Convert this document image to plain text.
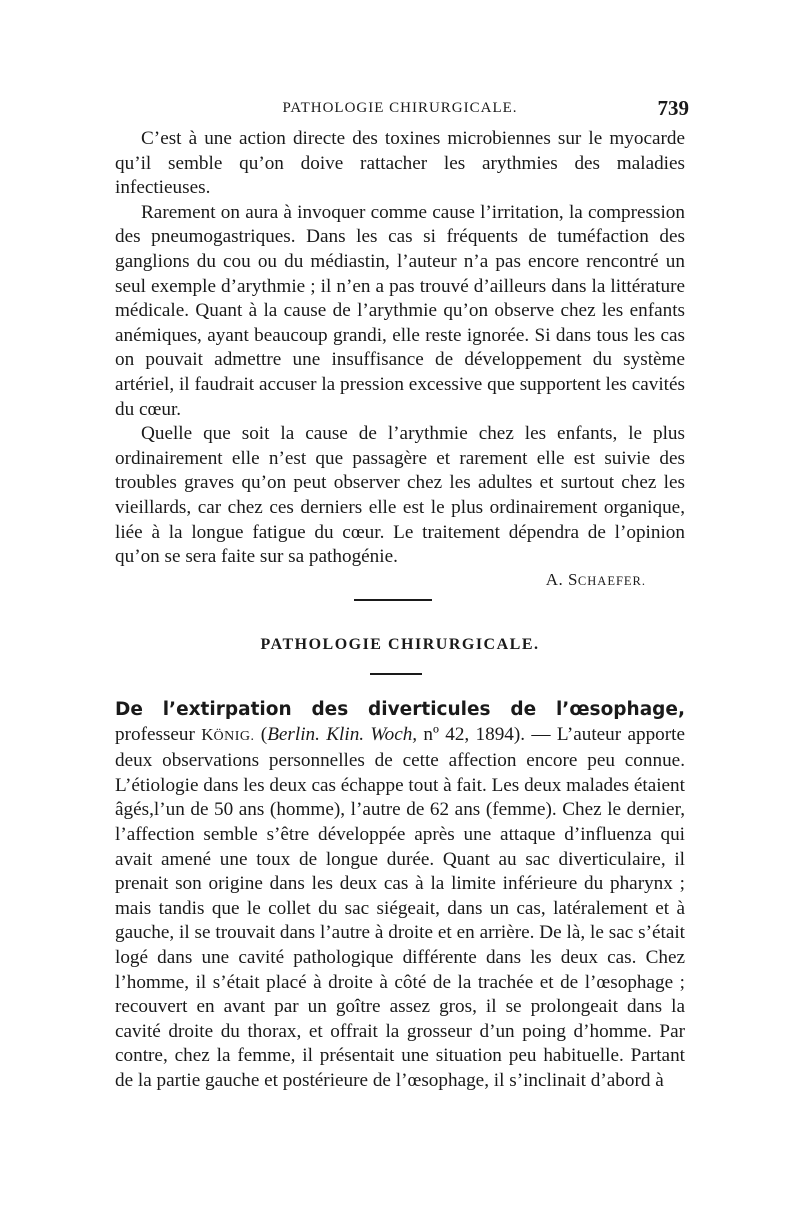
PATHOLOGIE CHIRURGICALE.	739

C’est à une action directe des toxines microbiennes sur le myocarde qu’il semble qu’on doive rattacher les arythmies des maladies infectieuses.

Rarement on aura à invoquer comme cause l’irritation, la compression des pneumogastriques. Dans les cas si fréquents de tuméfaction des ganglions du cou ou du médiastin, l’auteur n’a pas encore rencontré un seul exemple d’arythmie ; il n’en a pas trouvé d’ailleurs dans la littérature médicale. Quant à la cause de l’arythmie qu’on observe chez les enfants anémiques, ayant beaucoup grandi, elle reste ignorée. Si dans tous les cas on pouvait admettre une insuffisance de développement du système artériel, il faudrait accuser la pression excessive que supportent les cavités du cœur.

Quelle que soit la cause de l’arythmie chez les enfants, le plus ordinairement elle n’est que passagère et rarement elle est suivie des troubles graves qu’on peut observer chez les adultes et surtout chez les vieillards, car chez ces derniers elle est le plus ordinairement organique, liée à la longue fatigue du cœur. Le traitement dépendra de l’opinion qu’on se sera faite sur sa pathogénie.

A. SCHAEFER.
PATHOLOGIE CHIRURGICALE.

De l’extirpation des diverticules de l’œsophage, professeur KÖNIG. (Berlin. Klin. Woch, nº 42, 1894). — L’auteur apporte deux observations personnelles de cette affection encore peu connue. L’étiologie dans les deux cas échappe tout à fait. Les deux malades étaient âgés,l’un de 50 ans (homme), l’autre de 62 ans (femme). Chez le dernier, l’affection semble s’être développée après une attaque d’influenza qui avait amené une toux de longue durée. Quant au sac diverticulaire, il prenait son origine dans les deux cas à la limite inférieure du pharynx ; mais tandis que le collet du sac siégeait, dans un cas, latéralement et à gauche, il se trouvait dans l’autre à droite et en arrière. De là, le sac s’était logé dans une cavité pathologique différente dans les deux cas. Chez l’homme, il s’était placé à droite à côté de la trachée et de l’œsophage ; recouvert en avant par un goître assez gros, il se prolongeait dans la cavité droite du thorax, et offrait la grosseur d’un poing d’homme. Par contre, chez la femme, il présentait une situation peu habituelle. Partant de la partie gauche et postérieure de l’œsophage, il s’inclinait d’abord à
